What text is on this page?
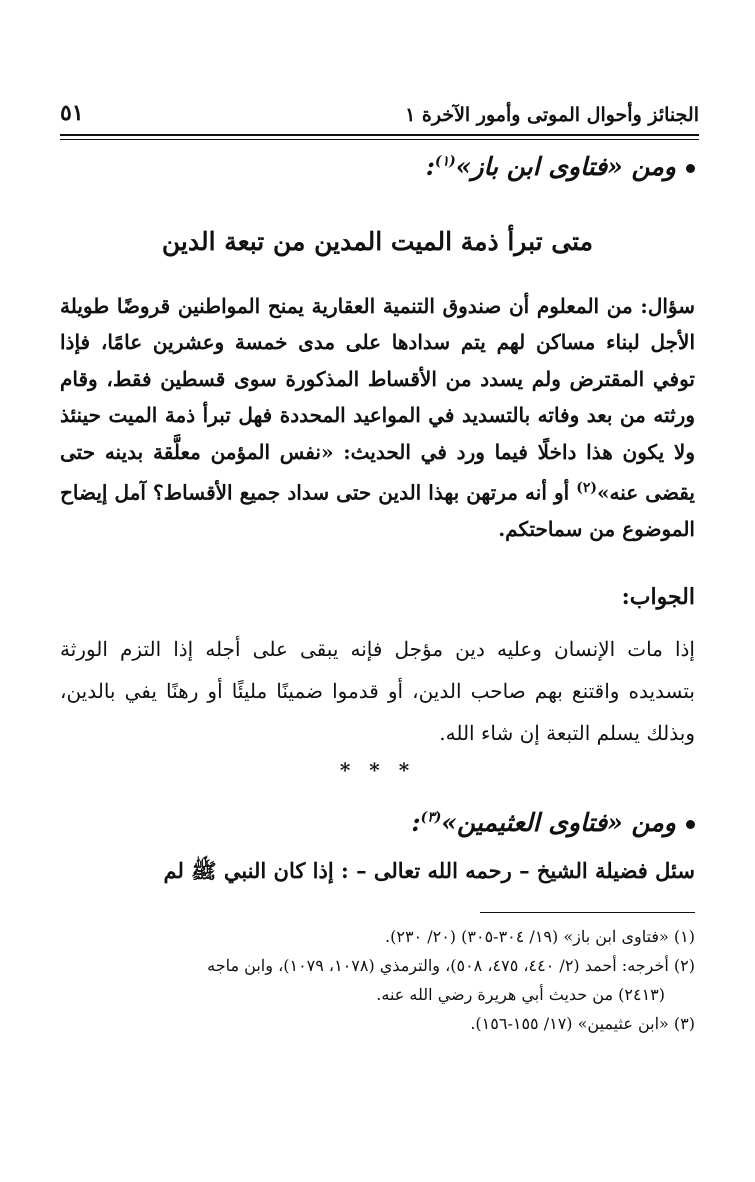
الجنائز وأحوال الموتى وأمور الآخرة ١
٥١
ومن «فتاوى ابن باز»$^{(١)}$:
متى تبرأ ذمة الميت المدين من تبعة الدين
سؤال: من المعلوم أن صندوق التنمية العقارية يمنح المواطنين قروضًا طويلة الأجل لبناء مساكن لهم يتم سدادها على مدى خمسة وعشرين عامًا، فإذا توفي المقترض ولم يسدد من الأقساط المذكورة سوى قسطين فقط، وقام ورثته من بعد وفاته بالتسديد في المواعيد المحددة فهل تبرأ ذمة الميت حينئذ ولا يكون هذا داخلًا فيما ورد في الحديث: «نفس المؤمن معلَّقة بدينه حتى يقضى عنه»$^{(٢)}$ أو أنه مرتهن بهذا الدين حتى سداد جميع الأقساط؟ آمل إيضاح الموضوع من سماحتكم.
الجواب:
إذا مات الإنسان وعليه دين مؤجل فإنه يبقى على أجله إذا التزم الورثة بتسديده واقتنع بهم صاحب الدين، أو قدموا ضمينًا مليئًا أو رهنًا يفي بالدين، وبذلك يسلم التبعة إن شاء الله.
* * *
ومن «فتاوى العثيمين»$^{(٣)}$:
سئل فضيلة الشيخ – رحمه الله تعالى – : إذا كان النبي ﷺ لم

(١) «فتاوى ابن باز» (١٩/ ٣٠٤-٣٠٥) (٢٠/ ٢٣٠).

(٢) أخرجه: أحمد (٢/ ٤٤٠، ٤٧٥، ٥٠٨)، والترمذي (١٠٧٨، ١٠٧٩)، وابن ماجه

(٢٤١٣) من حديث أبي هريرة رضي الله عنه.

(٣) «ابن عثيمين» (١٧/ ١٥٥-١٥٦).
